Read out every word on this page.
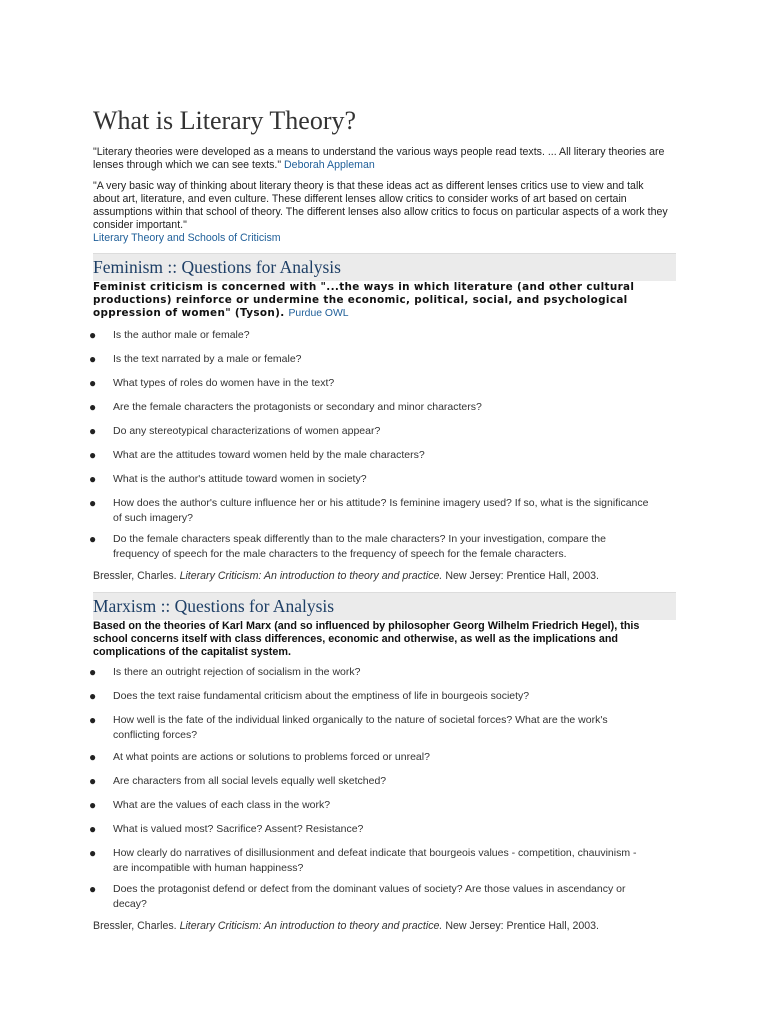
What is Literary Theory?

"Literary theories were developed as a means to understand the various ways people read texts. ... All literary theories are lenses through which we can see texts." Deborah Appleman

"A very basic way of thinking about literary theory is that these ideas act as different lenses critics use to view and talk about art, literature, and even culture. These different lenses allow critics to consider works of art based on certain assumptions within that school of theory. The different lenses also allow critics to focus on particular aspects of a work they consider important."
Literary Theory and Schools of Criticism

Feminism :: Questions for Analysis

Feminist criticism is concerned with "...the ways in which literature (and other cultural productions) reinforce or undermine the economic, political, social, and psychological oppression of women" (Tyson). Purdue OWL

● Is the author male or female?
● Is the text narrated by a male or female?
● What types of roles do women have in the text?
● Are the female characters the protagonists or secondary and minor characters?
● Do any stereotypical characterizations of women appear?
● What are the attitudes toward women held by the male characters?
● What is the author's attitude toward women in society?
● How does the author's culture influence her or his attitude? Is feminine imagery used? If so, what is the significance of such imagery?
● Do the female characters speak differently than to the male characters? In your investigation, compare the frequency of speech for the male characters to the frequency of speech for the female characters.

Bressler, Charles. Literary Criticism: An introduction to theory and practice. New Jersey: Prentice Hall, 2003.

Marxism :: Questions for Analysis

Based on the theories of Karl Marx (and so influenced by philosopher Georg Wilhelm Friedrich Hegel), this school concerns itself with class differences, economic and otherwise, as well as the implications and complications of the capitalist system.

● Is there an outright rejection of socialism in the work?
● Does the text raise fundamental criticism about the emptiness of life in bourgeois society?
● How well is the fate of the individual linked organically to the nature of societal forces? What are the work's conflicting forces?
● At what points are actions or solutions to problems forced or unreal?
● Are characters from all social levels equally well sketched?
● What are the values of each class in the work?
● What is valued most? Sacrifice? Assent? Resistance?
● How clearly do narratives of disillusionment and defeat indicate that bourgeois values - competition, chauvinism - are incompatible with human happiness?
● Does the protagonist defend or defect from the dominant values of society? Are those values in ascendancy or decay?

Bressler, Charles. Literary Criticism: An introduction to theory and practice. New Jersey: Prentice Hall, 2003.
